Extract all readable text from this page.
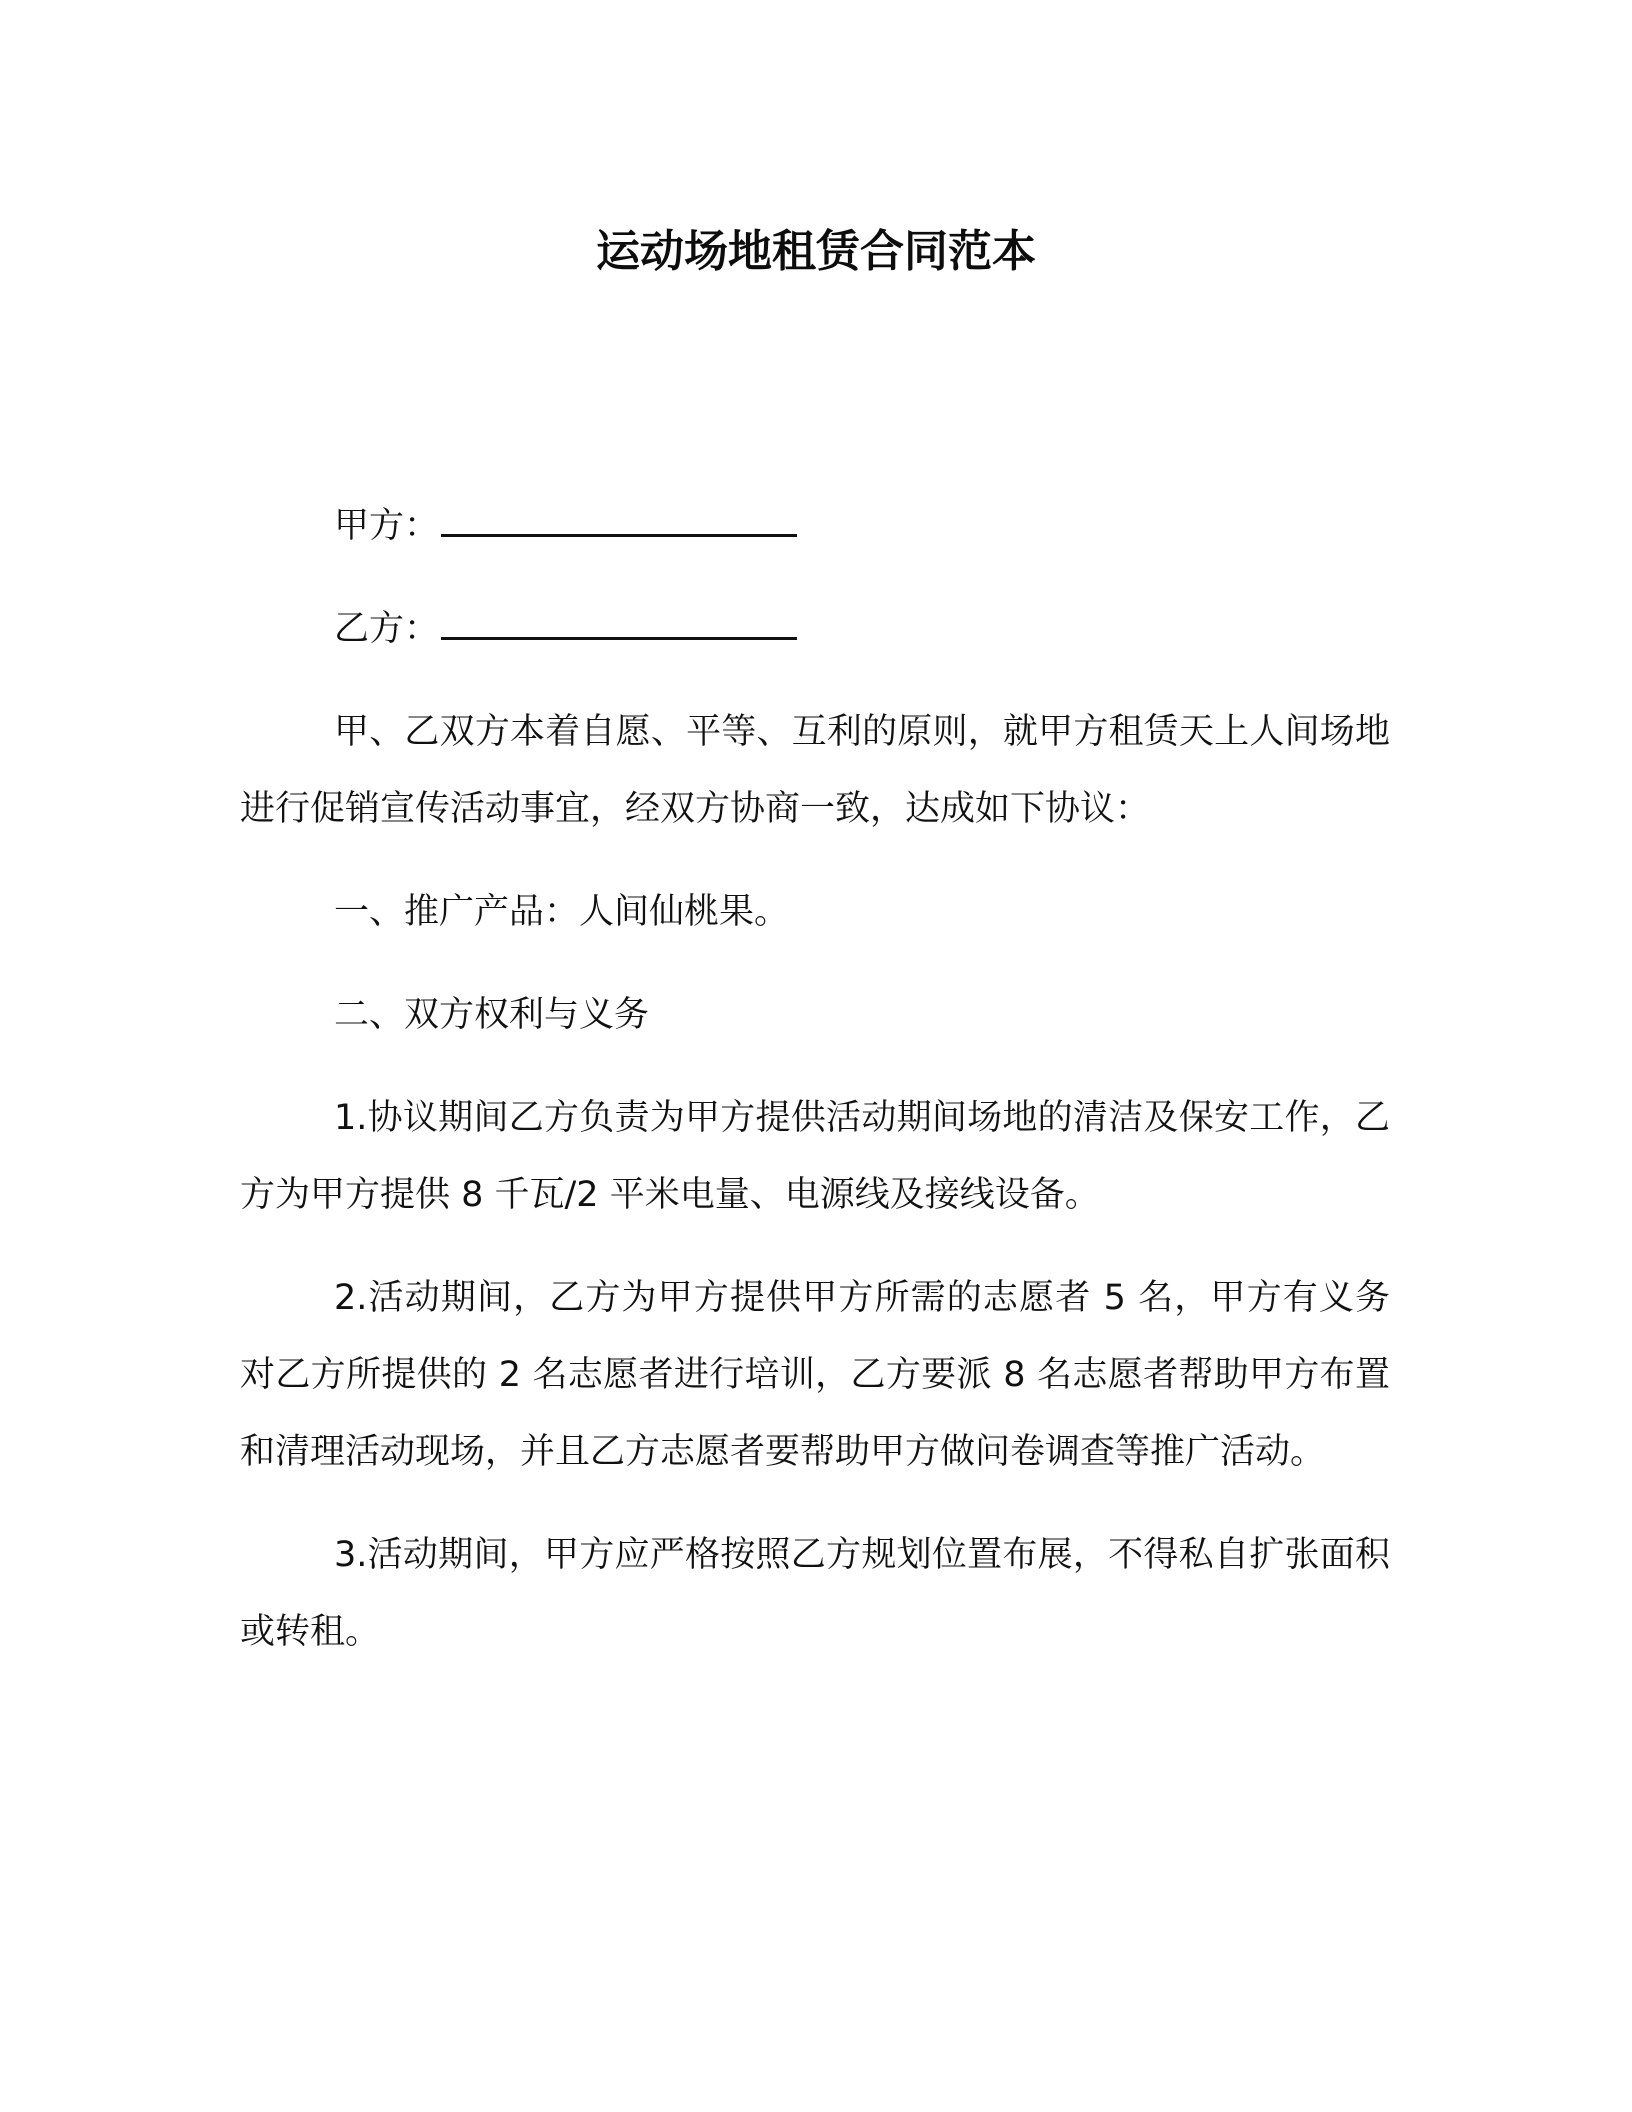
运动场地租赁合同范本
甲方：
乙方：

甲、乙双方本着自愿、平等、互利的原则，就甲方租赁天上人间场地进行促销宣传活动事宜，经双方协商一致，达成如下协议：

一、推广产品：人间仙桃果。

二、双方权利与义务

1.协议期间乙方负责为甲方提供活动期间场地的清洁及保安工作，乙方为甲方提供 8 千瓦/2 平米电量、电源线及接线设备。

2.活动期间，乙方为甲方提供甲方所需的志愿者 5 名，甲方有义务对乙方所提供的 2 名志愿者进行培训，乙方要派 8 名志愿者帮助甲方布置和清理活动现场，并且乙方志愿者要帮助甲方做问卷调查等推广活动。

3.活动期间，甲方应严格按照乙方规划位置布展，不得私自扩张面积或转租。
